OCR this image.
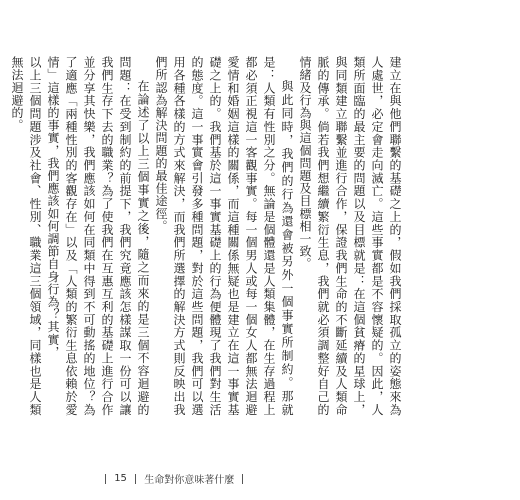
建立在與他們聯繫的基礎之上的，假如我們採取孤立的姿態來為人處世，必定會走向滅亡。這些事實都是不容懷疑的。因此，人類所面臨的最主要的問題以及目標就是：在這個貧瘠的星球上，與同類建立聯繫並進行合作，保證我們生命的不斷延續及人類命脈的傳承。倘若我們想繼續繁衍生息，我們就必須調整好自己的情緒及行為與這個問題及目標相一致。

與此同時，我們的行為還會被另外一個事實所制約。那就是：人類有性別之分。無論是個體還是人類集體，在生存過程上都必須正視這一客觀事實。每一個男人或每一個女人都無法迴避愛情和婚姻這樣的關係，而這種關係無疑也是建立在這一事實基礎之上的。我們基於這一事實基礎上的行為便體現了我們對生活的態度。這一事實會引發多種問題，對於這些問題，我們可以選用各種各樣的方式來解決，而我們所選擇的解決方式則反映出我們所認為解決問題的最佳途徑。

在論述了以上三個事實之後，隨之而來的是三個不容迴避的問題：在受到制約的前提下，我們究竟應該怎樣謀取一份可以讓我們生存下去的職業？為了使我們在互惠互利的基礎上進行合作並分享其快樂，我們應該如何在同類中得到不可動搖的地位？為了適應「兩種性別的客觀存在」以及「人類的繁衍生息依賴於愛情」這樣的事實，我們應該如何調節自身行為？其實，

以上三個問題涉及社會、性別、職業這三個領域，同樣也是人類無法迴避的。

15 生命對你意味著什麼
